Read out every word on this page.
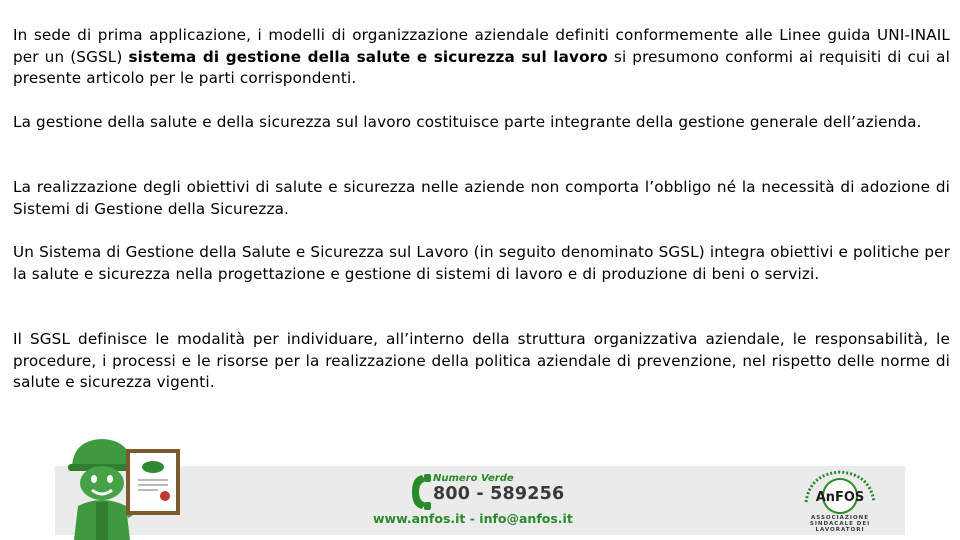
In sede di prima applicazione, i modelli di organizzazione aziendale definiti conformemente alle Linee guida UNI-INAIL per un (SGSL) sistema di gestione della salute e sicurezza sul lavoro si presumono conformi ai requisiti di cui al presente articolo per le parti corrispondenti.

La gestione della salute e della sicurezza sul lavoro costituisce parte integrante della gestione generale dell’azienda.

La realizzazione degli obiettivi di salute e sicurezza nelle aziende non comporta l’obbligo né la necessità di adozione di Sistemi di Gestione della Sicurezza.

Un Sistema di Gestione della Salute e Sicurezza sul Lavoro (in seguito denominato SGSL) integra obiettivi e politiche per la salute e sicurezza nella progettazione e gestione di sistemi di lavoro e di produzione di beni o servizi.

Il SGSL definisce le modalità per individuare, all’interno della struttura organizzativa aziendale, le responsabilità, le procedure, i processi e le risorse per la realizzazione della politica aziendale di prevenzione, nel rispetto delle norme di salute e sicurezza vigenti.

Numero Verde
800 - 589256
www.anfos.it - info@anfos.it
AnFOS
ASSOCIAZIONE SINDACALE DEI LAVORATORI
